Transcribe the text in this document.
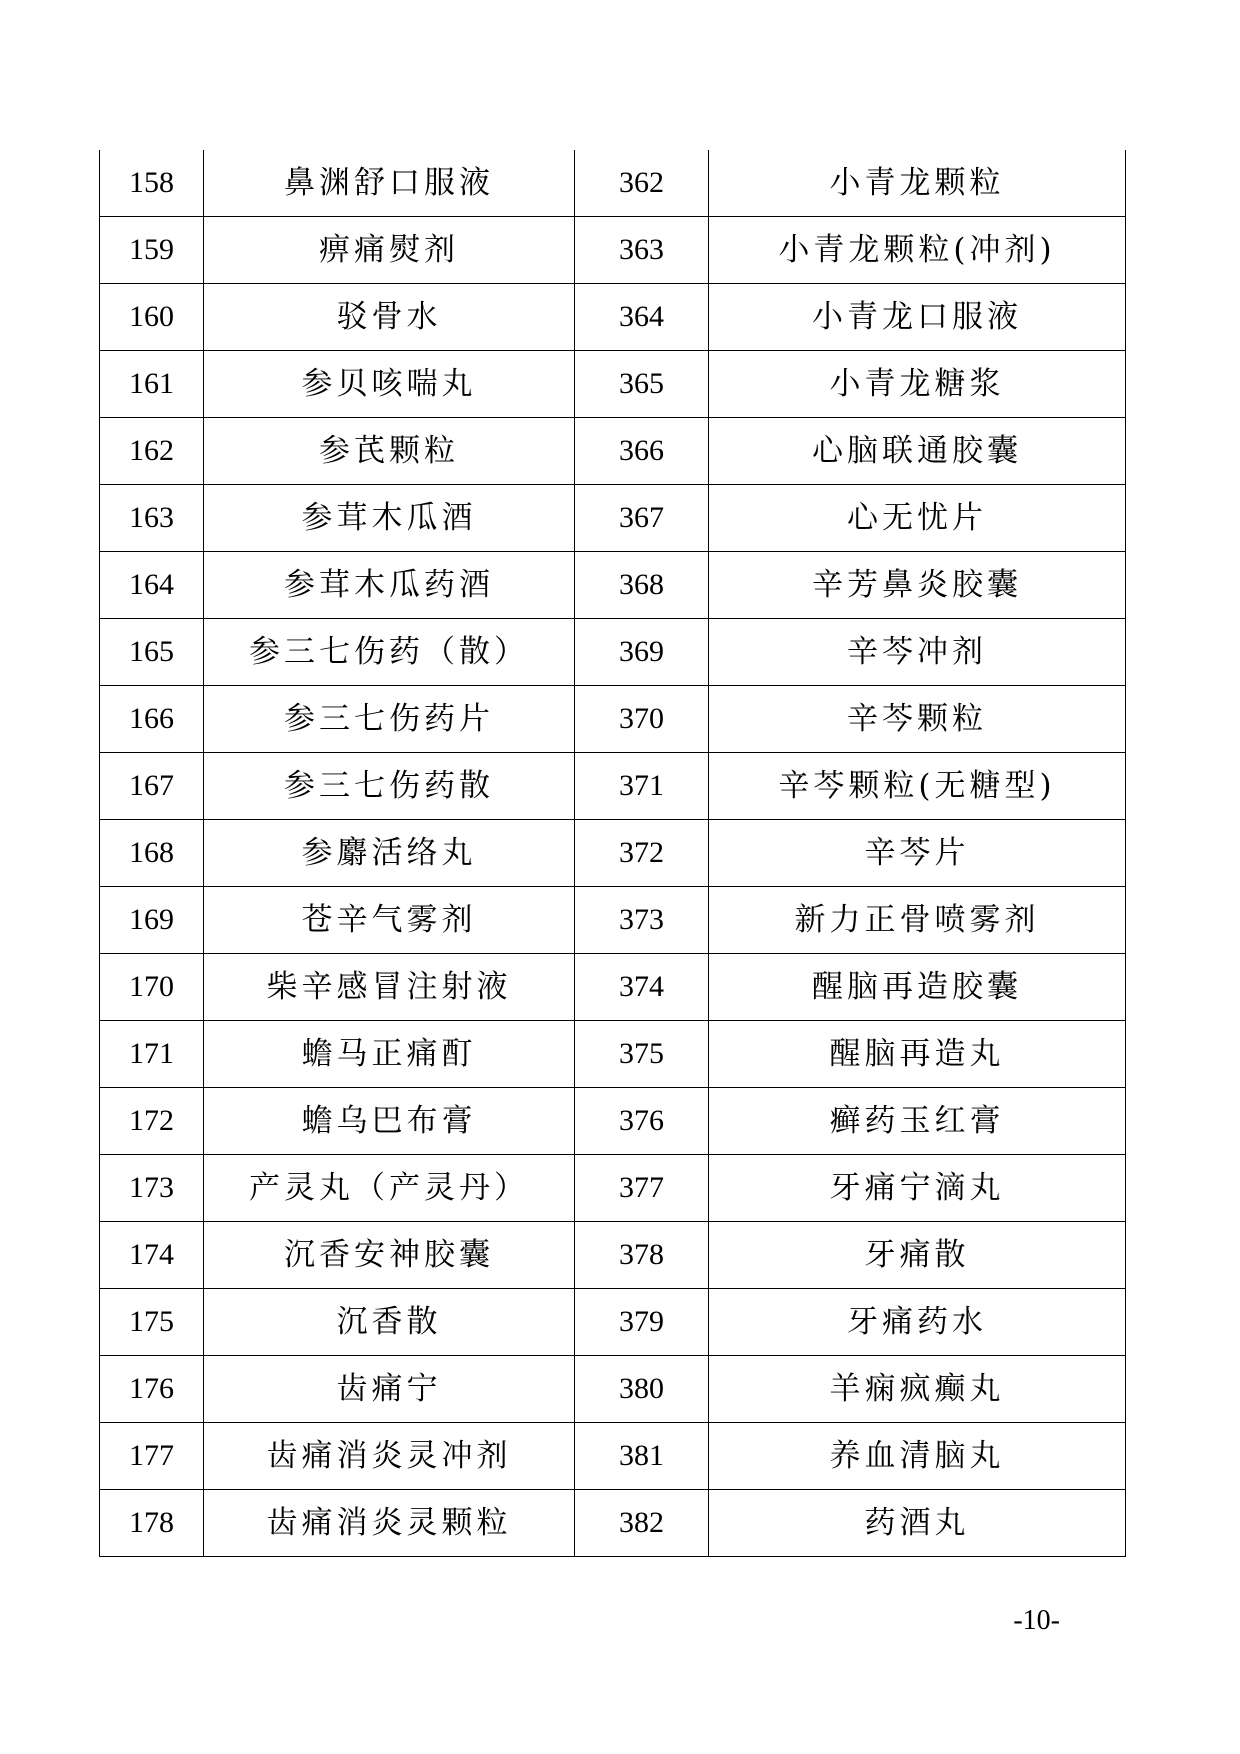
158	鼻渊舒口服液	362	小青龙颗粒
159	痹痛熨剂	363	小青龙颗粒(冲剂)
160	驳骨水	364	小青龙口服液
161	参贝咳喘丸	365	小青龙糖浆
162	参芪颗粒	366	心脑联通胶囊
163	参茸木瓜酒	367	心无忧片
164	参茸木瓜药酒	368	辛芳鼻炎胶囊
165	参三七伤药（散）	369	辛芩冲剂
166	参三七伤药片	370	辛芩颗粒
167	参三七伤药散	371	辛芩颗粒(无糖型)
168	参麝活络丸	372	辛芩片
169	苍辛气雾剂	373	新力正骨喷雾剂
170	柴辛感冒注射液	374	醒脑再造胶囊
171	蟾马正痛酊	375	醒脑再造丸
172	蟾乌巴布膏	376	癣药玉红膏
173	产灵丸（产灵丹）	377	牙痛宁滴丸
174	沉香安神胶囊	378	牙痛散
175	沉香散	379	牙痛药水
176	齿痛宁	380	羊痫疯癫丸
177	齿痛消炎灵冲剂	381	养血清脑丸
178	齿痛消炎灵颗粒	382	药酒丸
-10-
